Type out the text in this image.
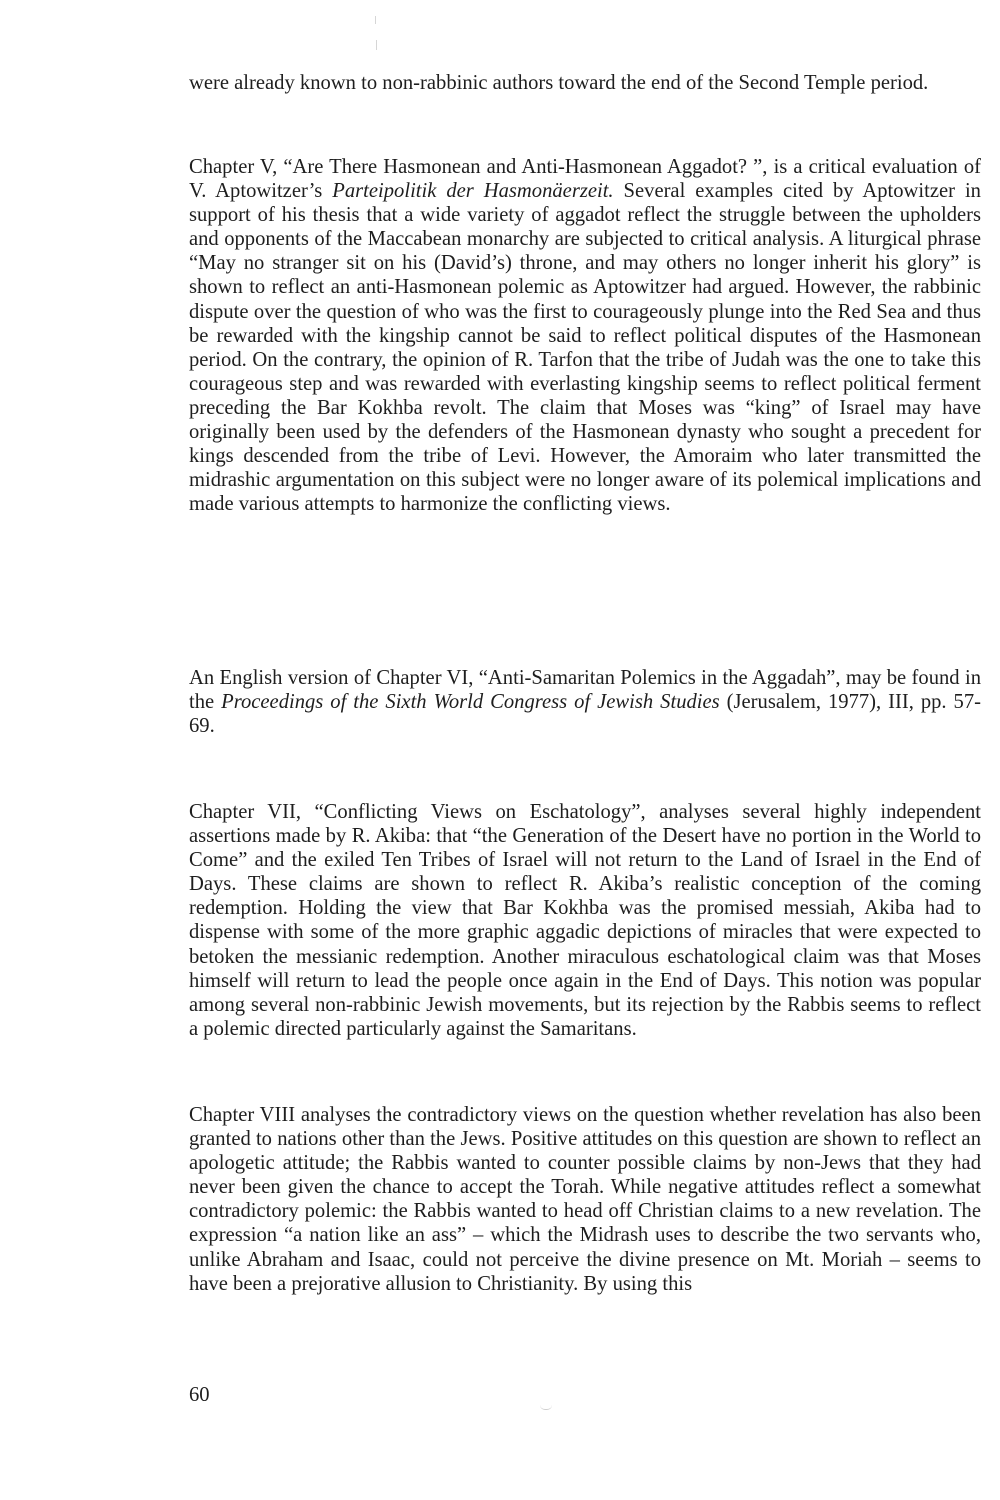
were already known to non-rabbinic authors toward the end of the Second Temple period.

Chapter V, “Are There Hasmonean and Anti-Hasmonean Aggadot? ”, is a critical evaluation of V. Aptowitzer’s Parteipolitik der Hasmonäerzeit. Several examples cited by Aptowitzer in support of his thesis that a wide variety of aggadot reflect the struggle between the upholders and opponents of the Maccabean monarchy are subjected to critical analysis. A liturgical phrase “May no stranger sit on his (David’s) throne, and may others no longer inherit his glory” is shown to reflect an anti-Hasmonean polemic as Aptowitzer had argued. However, the rabbinic dispute over the question of who was the first to courageously plunge into the Red Sea and thus be rewarded with the kingship cannot be said to reflect political disputes of the Hasmonean period. On the contrary, the opinion of R. Tarfon that the tribe of Judah was the one to take this courageous step and was rewarded with everlasting kingship seems to reflect political ferment preceding the Bar Kokhba revolt. The claim that Moses was “king” of Israel may have originally been used by the defenders of the Hasmonean dynasty who sought a precedent for kings descended from the tribe of Levi. However, the Amoraim who later transmitted the midrashic argumentation on this subject were no longer aware of its polemical implications and made various attempts to harmonize the conflicting views.

An English version of Chapter VI, “Anti-Samaritan Polemics in the Aggadah”, may be found in the Proceedings of the Sixth World Congress of Jewish Studies (Jerusalem, 1977), III, pp. 57-69.

Chapter VII, “Conflicting Views on Eschatology”, analyses several highly independent assertions made by R. Akiba: that “the Generation of the Desert have no portion in the World to Come” and the exiled Ten Tribes of Israel will not return to the Land of Israel in the End of Days. These claims are shown to reflect R. Akiba’s realistic conception of the coming redemption. Holding the view that Bar Kokhba was the promised messiah, Akiba had to dispense with some of the more graphic aggadic depictions of miracles that were expected to betoken the messianic redemption. Another miraculous eschatological claim was that Moses himself will return to lead the people once again in the End of Days. This notion was popular among several non-rabbinic Jewish movements, but its rejection by the Rabbis seems to reflect a polemic directed particularly against the Samaritans.

Chapter VIII analyses the contradictory views on the question whether revelation has also been granted to nations other than the Jews. Positive attitudes on this question are shown to reflect an apologetic attitude; the Rabbis wanted to counter possible claims by non-Jews that they had never been given the chance to accept the Torah. While negative attitudes reflect a somewhat contradictory polemic: the Rabbis wanted to head off Christian claims to a new revelation. The expression “a nation like an ass” – which the Midrash uses to describe the two servants who, unlike Abraham and Isaac, could not perceive the divine presence on Mt. Moriah – seems to have been a prejorative allusion to Christianity. By using this

60
